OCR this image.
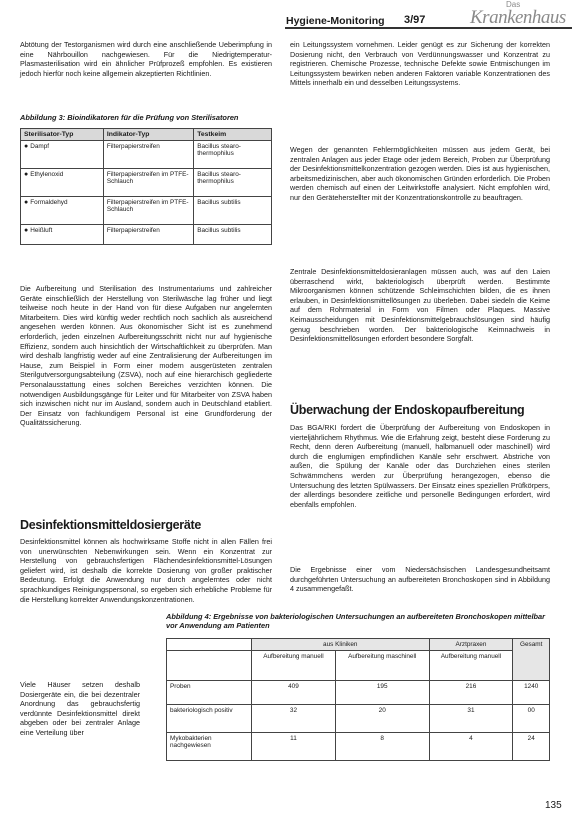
Hygiene-Monitoring 3/97
Das
Krankenhaus
Abtötung der Testorganismen wird durch eine anschließende Ueberimpfung in eine Nährbouillon nachgewiesen. Für die Niedrigtemperatur-Plasmasterilisation wird ein ähnlicher Prüfprozeß empfohlen. Es existieren jedoch hierfür noch keine allgemein akzeptierten Richtlinien.
Abbildung 3: Bioindikatoren für die Prüfung von Sterilisatoren
Sterilisator-Typ	Indikator-Typ	Testkeim
● Dampf	Filterpapierstreifen	Bacillus stearo-thermophilus
● Ethylenoxid	Filterpapierstreifen im PTFE-Schlauch	Bacillus stearo-thermophilus
● Formaldehyd	Filterpapierstreifen im PTFE-Schlauch	Bacillus subtilis
● Heißluft	Filterpapierstreifen	Bacillus subtilis
Die Aufbereitung und Sterilisation des Instrumentariums und zahlreicher Geräte einschließlich der Herstellung von Sterilwäsche lag früher und liegt teilweise noch heute in der Hand von für diese Aufgaben nur angelernten Mitarbeitern. Dies wird künftig weder rechtlich noch sachlich als ausreichend angesehen werden können. Aus ökonomischer Sicht ist es zunehmend erforderlich, jeden einzelnen Aufbereitungsschritt nicht nur auf hygienische Effizienz, sondern auch hinsichtlich der Wirtschaftlichkeit zu überprüfen. Man wird deshalb langfristig weder auf eine Zentralisierung der Aufbereitungen im Hause, zum Beispiel in Form einer modern ausgerüsteten zentralen Sterilgutversorgungsabteilung (ZSVA), noch auf eine hierarchisch gegliederte Personalausstattung eines solchen Bereiches verzichten können. Die notwendigen Ausbildungsgänge für Leiter und für Mitarbeiter von ZSVA haben sich inzwischen nicht nur im Ausland, sondern auch in Deutschland etabliert. Der Einsatz von fachkundigem Personal ist eine Grundforderung der Qualitätssicherung.
Desinfektionsmitteldosiergeräte
Desinfektionsmittel können als hochwirksame Stoffe nicht in allen Fällen frei von unerwünschten Nebenwirkungen sein. Wenn ein Konzentrat zur Herstellung von gebrauchsfertigen Flächendesinfektionsmittel-Lösungen geliefert wird, ist deshalb die korrekte Dosierung von großer praktischer Bedeutung. Erfolgt die Anwendung nur durch angelerntes oder nicht sprachkundiges Reinigungspersonal, so ergeben sich erhebliche Probleme für die Herstellung korrekter Anwendungskonzentrationen.
Viele Häuser setzen deshalb Dosiergeräte ein, die bei dezentraler Anordnung das gebrauchsfertig verdünnte Desinfektionsmittel direkt abgeben oder bei zentraler Anlage eine Verteilung über
ein Leitungssystem vornehmen. Leider genügt es zur Sicherung der korrekten Dosierung nicht, den Verbrauch von Verdünnungswasser und Konzentrat zu registrieren. Chemische Prozesse, technische Defekte sowie Entmischungen im Leitungssystem bewirken neben anderen Faktoren variable Konzentrationen des Mittels innerhalb ein und desselben Leitungssystems.
Wegen der genannten Fehlermöglichkeiten müssen aus jedem Gerät, bei zentralen Anlagen aus jeder Etage oder jedem Bereich, Proben zur Überprüfung der Desinfektionsmittelkonzentration gezogen werden. Dies ist aus hygienischen, arbeitsmedizinischen, aber auch ökonomischen Gründen erforderlich. Die Proben werden chemisch auf einen der Leitwirkstoffe analysiert. Nicht empfohlen wird, nur den Geräteherstellter mit der Konzentrationskontrolle zu beauftragen.
Zentrale Desinfektionsmitteldosieranlagen müssen auch, was auf den Laien überraschend wirkt, bakteriologisch überprüft werden. Bestimmte Mikroorganismen können schützende Schleimschichten bilden, die es ihnen erlauben, in Desinfektionsmittellösungen zu überleben. Dabei siedeln die Keime auf dem Rohrmaterial in Form von Filmen oder Plaques. Massive Keimausscheidungen mit Desinfektionsmittelgebrauchslösungen sind häufig genug beschrieben worden. Der bakteriologische Keimnachweis in Desinfektionsmittellösungen erfordert besondere Sorgfalt.
Überwachung der Endoskopaufbereitung
Das BGA/RKI fordert die Überprüfung der Aufbereitung von Endoskopen in vierteljährlichem Rhythmus. Wie die Erfahrung zeigt, besteht diese Forderung zu Recht, denn deren Aufbereitung (manuell, halbmanuell oder maschinell) wird durch die englumigen empfindlichen Kanäle sehr erschwert. Abstriche von außen, die Spülung der Kanäle oder das Durchziehen eines sterilen Schwämmchens werden zur Überprüfung herangezogen, ebenso die Untersuchung des letzten Spülwassers. Der Einsatz eines speziellen Prüfkörpers, der allerdings besondere zeitliche und personelle Bedingungen erfordert, wird ebenfalls empfohlen.
Die Ergebnisse einer vom Niedersächsischen Landesgesundheitsamt durchgeführten Untersuchung an aufbereiteten Bronchoskopen sind in Abbildung 4 zusammengefaßt.
Abbildung 4: Ergebnisse von bakteriologischen Untersuchungen an aufbereiteten Bronchoskopen mittelbar vor Anwendung am Patienten
	aus Kliniken		Arztpraxen	Gesamt
	Aufbereitung manuell	Aufbereitung maschinell	Aufbereitung manuell	
Proben	409	195	216	1240
bakteriologisch positiv	32	20	31	00
Mykobakterien nachgewiesen	11	8	4	24
135
